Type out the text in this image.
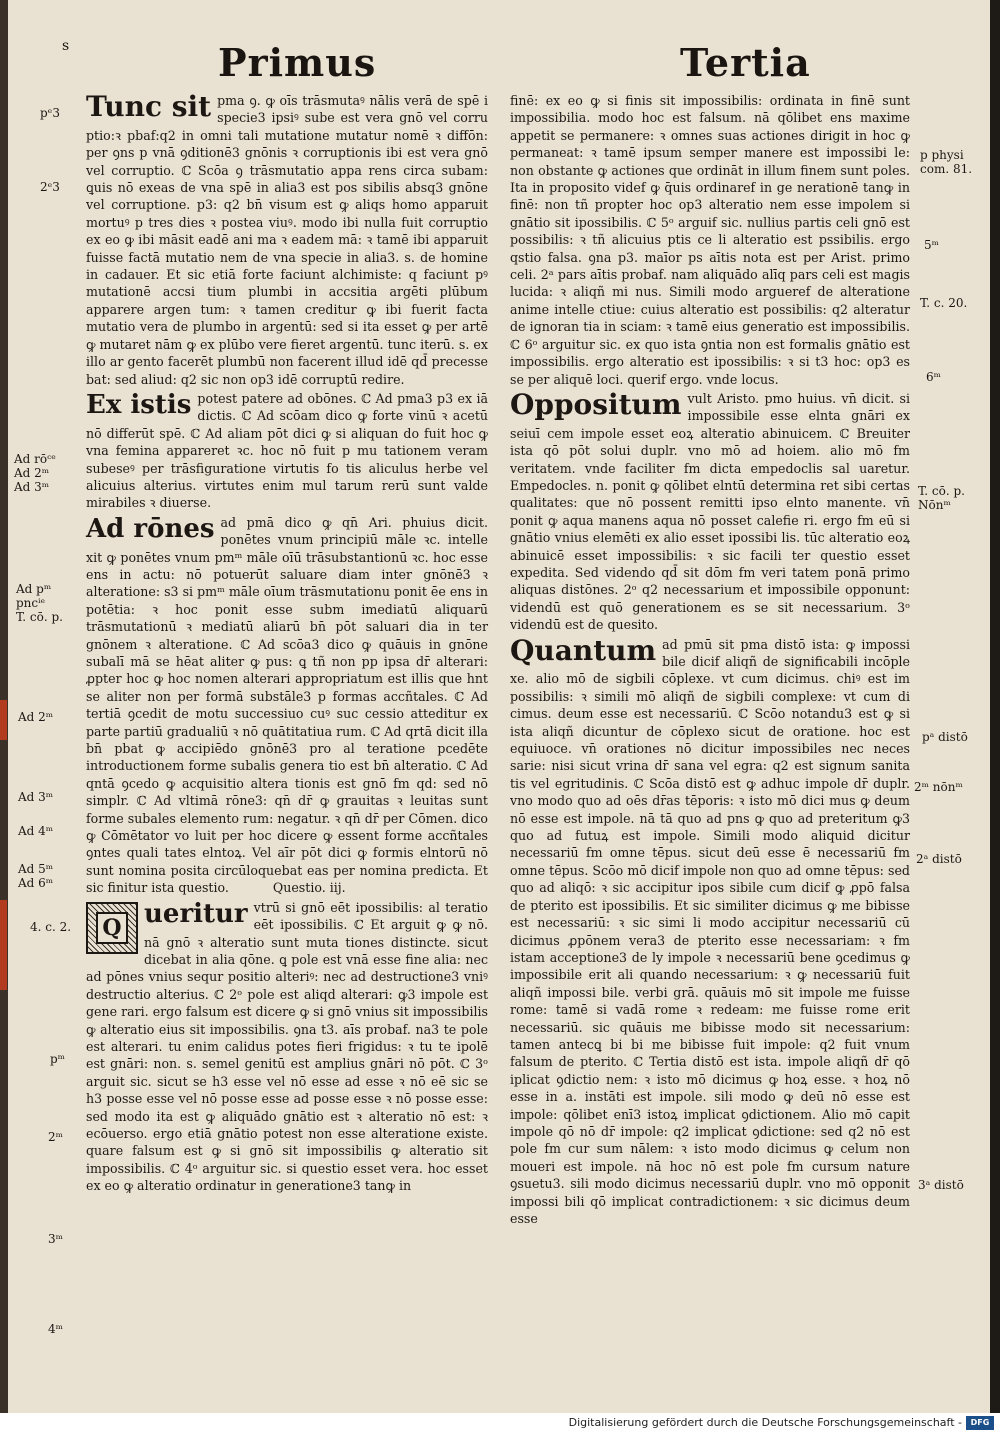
s	Primus	Tertia

Tunc sit pma ꝯ. ꝙ oīs trāsmutaꝰ nālis verā de spē i specie3 ipsiꝰ sube est vera gnō vel corru ptio:ꝛ pbaf:q2 in omni tali mutatione mutatur nomē ꝛ diffōn: per ꝯns p vnā ꝯditionē3 gnōnis ꝛ corruptionis ibi est vera gnō vel corruptio. ℂ Scōa ꝯ trāsmutatio appa rens circa subam: ꝗuis nō exeas de vna spē in alia3 est pos sibilis absq3 gnōne vel corruptione. p3: q2 bn̄ visum est ꝙ aliqs homo apparuit mortuꝰ p tres dies ꝛ postea viuꝰ. modo ibi nulla fuit corruptio ex eo ꝙ ibi māsit eadē ani ma ꝛ eadem mā: ꝛ tamē ibi apparuit fuisse factā mutatio nem de vna specie in alia3. s. de homine in cadauer. Et sic etiā forte faciunt alchimiste: q faciunt pꝰ mutationē accsi tium plumbi in accsitia argēti plūbum apparere argen tum: ꝛ tamen creditur ꝙ ibi fuerit facta mutatio vera de plumbo in argentū: sed si ita esset ꝙ per artē ꝙ mutaret nām ꝙ ex plūbo vere fieret argentū. tunc iterū. s. ex illo ar gento facerēt plumbū non facerent illud idē qd̄ precesse bat: sed aliud: q2 sic non op3 idē corruptū redire.

Ex istis potest patere ad obōnes. ℂ Ad pma3 p3 ex iā dictis. ℂ Ad scōam dico ꝙ forte vinū ꝛ acetū nō differūt spē. ℂ Ad aliam pōt dici ꝙ si aliquan do fuit hoc ꝙ vna femina appareret ꝛc. hoc nō fuit p mu tationem veram subeseꝰ per trāsfiguratione virtutis fo tis aliculus herbe vel alicuius alterius. virtutes enim mul tarum rerū sunt valde mirabiles ꝛ diuerse.

Ad rōnes ad pmā dico ꝙ qn̄ Ari. phuius dicit. ponētes vnum principiū māle ꝛc. intelle xit ꝙ ponētes vnum pmᵐ māle oīū trāsubstantionū ꝛc. hoc esse ens in actu: nō potuerūt saluare diam inter gnōnē3 ꝛ alteratione: s3 si pmᵐ māle oīum trāsmutationu ponit ēe ens in potētia: ꝛ hoc ponit esse subm imediatū aliquarū trāsmutationū ꝛ mediatū aliarū bn̄ pōt saluari dia in ter gnōnem ꝛ alteratione. ℂ Ad scōa3 dico ꝙ quāuis in gnōne subalī mā se hēat aliter ꝙ pus: ꝗ tñ non pp ipsa dr̄ alterari: ꝓpter hoc ꝙ hoc nomen alterari appropriatum est illis que hnt se aliter non per formā substāle3 p formas accñtales. ℂ Ad tertiā ꝯcedit de motu successiuo cuꝰ suc cessio atteditur ex parte partiū gradualiū ꝛ nō quātitatiua rum. ℂ Ad qrtā dicit illa bn̄ pbat ꝙ accipiēdo gnōnē3 pro al teratione pcedēte introductionem forme subalis genera tio est bn̄ alteratio. ℂ Ad qntā ꝯcedo ꝙ acquisitio altera tionis est gnō fm qd: sed nō simplr. ℂ Ad vltimā rōne3: qn̄ dr̄ ꝙ grauitas ꝛ leuitas sunt forme subales elemento rum: negatur. ꝛ qn̄ dr̄ per Cōmen. dico ꝙ Cōmētator vo luit per hoc dicere ꝙ essent forme accñtales ꝯntes quali tates elntoꝝ. Vel aīr pōt dici ꝙ formis elntorū nō sunt nomina posita circūloquebat eas per nomina predicta. Et sic finitur ista questio.	Questio. iij.

Q ueritur vtrū si gnō eēt ipossibilis: al teratio eēt ipossibilis. ℂ Et arguit ꝙ ꝙ nō. nā gnō ꝛ alteratio sunt muta tiones distincte. sicut dicebat in alia qōne. ꝗ pole est vnā esse fine alia: nec ad pōnes vnius sequr positio alteriꝰ: nec ad destructione3 vniꝰ destructio alterius. ℂ 2ᵒ pole est aliqd alterari: ꝙ3 impole est gene rari. ergo falsum est dicere ꝙ si gnō vnius sit impossibilis ꝙ alteratio eius sit impossibilis. ꝯna t3. aīs probaf. na3 te pole est alterari. tu enim calidus potes fieri frigidus: ꝛ tu te ipolē est gnāri: non. s. semel genitū est amplius gnāri nō pōt. ℂ 3ᵒ arguit sic. sicut se h3 esse vel nō esse ad esse ꝛ nō eē sic se h3 posse esse vel nō posse esse ad posse esse ꝛ nō posse esse: sed modo ita est ꝙ aliquādo gnātio est ꝛ alteratio nō est: ꝛ ecōuerso. ergo etiā gnātio potest non esse alteratione existe. quare falsum est ꝙ si gnō sit impossibilis ꝙ alteratio sit impossibilis. ℂ 4ᵒ arguitur sic. si questio esset vera. hoc esset ex eo ꝙ alteratio ordinatur in generatione3 tanꝙ in

finē: ex eo ꝙ si finis sit impossibilis: ordinata in finē sunt impossibilia. modo hoc est falsum. nā qōlibet ens maxime appetit se permanere: ꝛ omnes suas actiones dirigit in hoc ꝙ permaneat: ꝛ tamē ipsum semper manere est impossibi le: non obstante ꝙ actiones que ordināt in illum finem sunt poles. Ita in proposito videf ꝙ q̄uis ordinaref in ge nerationē tanꝙ in finē: non tñ propter hoc op3 alteratio nem esse impolem si gnātio sit ipossibilis. ℂ 5ᵒ arguif sic. nullius partis celi gnō est possibilis: ꝛ tñ alicuius ptis ce li alteratio est pssibilis. ergo qstio falsa. ꝯna p3. maīor ps aītis nota est per Arist. primo celi. 2ᵃ pars aītis probaf. nam aliquādo alīq pars celi est magis lucida: ꝛ aliqñ mi nus. Simili modo argueref de alteratione anime intelle ctiue: cuius alteratio est possibilis: q2 alteratur de ignoran tia in sciam: ꝛ tamē eius generatio est impossibilis. ℂ 6ᵒ arguitur sic. ex quo ista ꝯntia non est formalis gnātio est impossibilis. ergo alteratio est ipossibilis: ꝛ si t3 hoc: op3 es se per aliquē loci. querif ergo. vnde locus.

Oppositum vult Aristo. pmo huius. vn̄ dicit. si impossibile esse elnta gnāri ex seiuī cem impole esset eoꝝ alteratio abinuicem. ℂ Breuiter ista qō pōt solui duplr. vno mō ad hoiem. alio mō fm veritatem. vnde faciliter fm dicta empedoclis sal uaretur. Empedocles. n. ponit ꝙ qōlibet elntū determina ret sibi certas qualitates: que nō possent remitti ipso elnto manente. vn̄ ponit ꝙ aqua manens aqua nō posset calefie ri. ergo fm eū si gnātio vnius elemēti ex alio esset ipossibi lis. tūc alteratio eoꝝ abinuicē esset impossibilis: ꝛ sic facili ter questio esset expedita. Sed videndo qd̄ sit dōm fm veri tatem ponā primo aliquas distōnes. 2ᵒ q2 necessarium et impossibile opponunt: videndū est quō generationem es se sit necessarium. 3ᵒ videndū est de quesito.

Quantum ad pmū sit pma distō ista: ꝙ impossi bile dicif aliqñ de significabili incōple xe. alio mō de sigbili cōplexe. vt cum dicimus. chiꝰ est im possibilis: ꝛ simili mō aliqñ de sigbili complexe: vt cum di cimus. deum esse est necessariū. ℂ Scōo notandu3 est ꝙ si ista aliqñ dicuntur de cōplexo sicut de oratione. hoc est equiuoce. vn̄ orationes nō dicitur impossibiles nec neces sarie: nisi sicut vrina dr̄ sana vel egra: q2 est signum sanita tis vel egritudinis. ℂ Scōa distō est ꝙ adhuc impole dr̄ duplr. vno modo quo ad oēs dr̄as tēporis: ꝛ isto mō dici mus ꝙ deum nō esse est impole. nā tā quo ad pns ꝙ quo ad preteritum ꝙ3 quo ad futuꝝ est impole. Simili modo aliquid dicitur necessariū fm omne tēpus. sicut deū esse ē necessariū fm omne tēpus. Scōo mō dicif impole non quo ad omne tēpus: sed quo ad aliqō: ꝛ sic accipitur ipos sibile cum dicif ꝙ ꝓpō falsa de pterito est ipossibilis. Et sic similiter dicimus ꝙ me bibisse est necessariū: ꝛ sic simi li modo accipitur necessariū cū dicimus ꝓpōnem vera3 de pterito esse necessariam: ꝛ fm istam acceptione3 de ly impole ꝛ necessariū bene ꝯcedimus ꝙ impossibile erit ali quando necessarium: ꝛ ꝙ necessariū fuit aliqñ impossi bile. verbi grā. quāuis mō sit impole me fuisse rome: tamē si vadā rome ꝛ redeam: me fuisse rome erit necessariū. sic quāuis me bibisse modo sit necessarium: tamen antecꝗ bi bi me bibisse fuit impole: q2 fuit vnum falsum de pterito. ℂ Tertia distō est ista. impole aliqñ dr̄ qō iplicat ꝯdictio nem: ꝛ isto mō dicimus ꝙ hoꝝ esse. ꝛ hoꝝ nō esse in a. instāti est impole. sili modo ꝙ deū nō esse est impole: qōlibet enī3 istoꝝ implicat ꝯdictionem. Alio mō capit impole qō nō dr̄ impole: q2 implicat ꝯdictione: sed q2 nō est pole fm cur sum nālem: ꝛ isto modo dicimus ꝙ celum non moueri est impole. nā hoc nō est pole fm cursum nature ꝯsuetu3. sili modo dicimus necessariū duplr. vno mō opponit impossi bili qō implicat contradictionem: ꝛ sic dicimus deum esse

pᵉ3
2ᵉ3
Ad rōᶜᵉ
Ad 2ᵐ
Ad 3ᵐ
Ad pᵐ
pncⁱᵉ
T. cō. p.
Ad 2ᵐ
Ad 3ᵐ
Ad 4ᵐ
Ad 5ᵐ
Ad 6ᵐ
4. c. 2.
pᵐ
2ᵐ
3ᵐ
4ᵐ
p physi
com. 81.
5ᵐ
T. c. 20.
6ᵐ
T. cō. p.
Nōnᵐ
pᵃ distō
2ᵐ nōnᵐ
2ᵃ distō
3ᵃ distō
Digitalisierung gefördert durch die Deutsche Forschungsgemeinschaft -	DFG
